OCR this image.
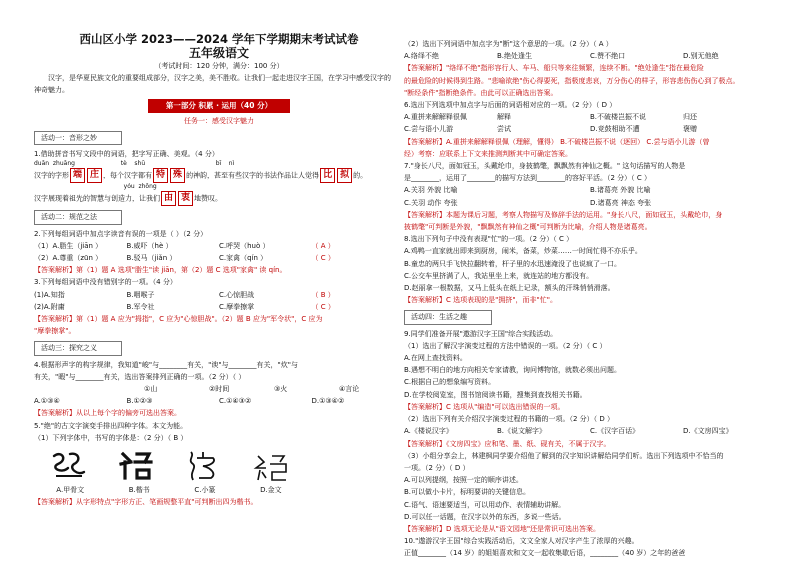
西山区小学 2023——2024 学年下学期期末考试试卷
五年级语文
（考试时间：120 分钟，满分：100 分）
汉字，是华夏民族文化的重要组成部分，汉字之美，美不胜收。让我们一起走进汉字王国，在学习中感受汉字的
神奇魅力。
第一部分 积累 · 运用（40 分）
任务一：感受汉字魅力
活动一：音形之妙
1.借助拼音书写文段中的词语，把字写正确、美观。（4 分）
duān  zhuāng                        tè    shū                                     bī    nì
汉字的字形 端 庄 ，每个汉字都有 特 殊 的神韵，甚至有些汉字的书法作品让人觉得 比 拟 的。
yóu  zhōng
汉字展现着祖先的智慧与创造力，让我们 由 衷 地赞叹。
活动二：规范之法
2.下列每组词语中加点字读音有误的一项是（ ）（2 分）
（1）A.脂生（jiān ）	B.威吓（hè ）	C.呼哭（huò ）	（ A ）
（2）A.尊重（zūn ）	B.驳马（jiǎn ）	C.家禽（qín ）	（ C ）
【答案解析】第（1）题 A 选项"脂生"读 jiān，第（2）题 C 选项"家禽" 读 qín。
3.下列每组词语中没有错别字的一项。（4 分）
(1)A.知指	B.咽喉子	C.心惊胆战	（ B ）
(2)A.附庸	B.军令社	C.摩拳擦掌	（ C ）
【答案解析】第（1）题 A 应为"拇指"，C 应为"心惊胆战"。（2）题 B 应为"军令状"，C 应为
"摩拳擦掌"。
活动三：探究之义
4.根据形声字的构字规律，我知道"峻"与________有关，"谀"与________有关，"炊"与
有关，"暇"与________有关，选出答案排列正确的一项。（2 分）（ ）
①山	②时间	③火	④言论
A.①③④	B.①②③	C.①④③②	D.①③④②
【答案解析】从以上每个字的偏旁可选出答案。
5."绝"的古文字演变手排出四种字体。本文为能。
（1）下列字体中，书写的字体是：（2 分）（ B ）
A.甲骨文	B.楷书	C.小篆	D.金文
【答案解析】从字形特点"字形方正、笔画规整平直"可判断出四为楷书。
（2）选出下列词语中加点字为"断"这个意思的一项。（2 分）（ A ）
A.络绎不绝	B.绝处逢生	C.赞不绝口	D.别无他绝
【答案解析】"络绎不绝"指形容行人、车马、船只等来往频繁，连续不断。"绝处逢生"指在最危险
的最危险的时候得到生路。"悲喻欲绝"伤心得要死，指极度悲哀，万分伤心的样子，形容悲伤伤心到了极点。
"断经条件"指断绝条件。由此可以正确选出答案。
6.选出下列选项中加点字与后面的词语相对应的一项。（2 分）（ D ）
A.重拼来解解释很佩	解释	B.不破楼岂振不说	归还
C.尝与语小儿游	尝试	D.竞鼓相助不遭	褒赠
【答案解析】A.重拼来解解释很佩（理解，懂得） B.不破楼岂振不说（逐回） C.尝与语小儿游（曾
经）考察：应联系上下文来推测判断其中可确定答案。
7."身长八尺，面如冠玉，头戴纶巾，身披鹤氅，飘飘然有神仙之概。" 这句话描写的人物是
是________，运用了________的描写方法到________的容好平活。（2 分）（ C ）
A.关羽 外貌 比喻	B.诸葛亮 外貌 比喻
C.关羽 动作 夸张	D.诸葛亮 神态 夸张
【答案解析】本题为课后习题，考察人物描写及修辞手法的运用。"身长八尺，面如冠玉，头戴纶巾，身
披鹤氅"可判断是外貌，"飘飘然有神仙之概"可判断为比喻，介绍人物是诸葛亮。
8.选出下列句子中没有表现"忙"的一项。（2 分）（ C ）
A.鸡鸭一直家就出即来到厨房，闹米，备菜，炒菜……一时间忙得不亦乐乎。
B.童忠的两只手飞快拉翻转着，杆子里的水迅速淹没了也说疯了一口。
C.公交车里挤满了人，我站里坐上来，就连站的地方都没有。
D.赵丽拿一根数据，又马上低头在纸上记录，额头的汗珠悄悄滑落。
【答案解析】C 选项表现的是"拥挤"，而非"忙"。
活动四：生活之趣
9.同学们准备开展"遨游汉字王国"综合实践活动。
（1）选出了解汉字演变过程的方法中错误的一项。（2 分）（ C ）
A.在网上查找资料。
B.遇想不明白的地方向相关专家请教，询问博物馆，就数必须出问题。
C.根据自己的想象编写资料。
D.在学校阅览室，图书馆阅读书籍，搜集到查找相关书籍。
【答案解析】C 选项从"编造"可以选出错误的一项。
（2）选出下列有关介绍汉字演变过程的书籍的一项。（2 分）（ D ）
A.《楼说汉字》	B.《说文解字》	C.《汉字百话》	D.《文房四宝》
【答案解析】《文房四宝》应和笔、墨、纸、砚有关，不属于汉字。
（3）小组分享会上，林建枫同学要介绍他了解到的汉字知识讲解给同学们听。选出下列选项中不恰当的
一项。（2 分）（ D ）
A.可以列提纲，按照一定的顺序讲述。
B.可以做小卡片，标明要讲的关键信息。
C.语气、语速要适当，可以用动作、表情辅助讲解。
D.可以任一话题，在汉字以外的东西，多说一些话。
【答案解析】D 选项无论是从"语文园地"还是常识可选出答案。
10."遨游汉字王国"综合实践活动后，文文全家人对汉字产生了浓厚的兴趣。
正值________（14 岁）的姐姐喜欢和文文一起收集歇后语，________（40 岁）之年的爸爸
